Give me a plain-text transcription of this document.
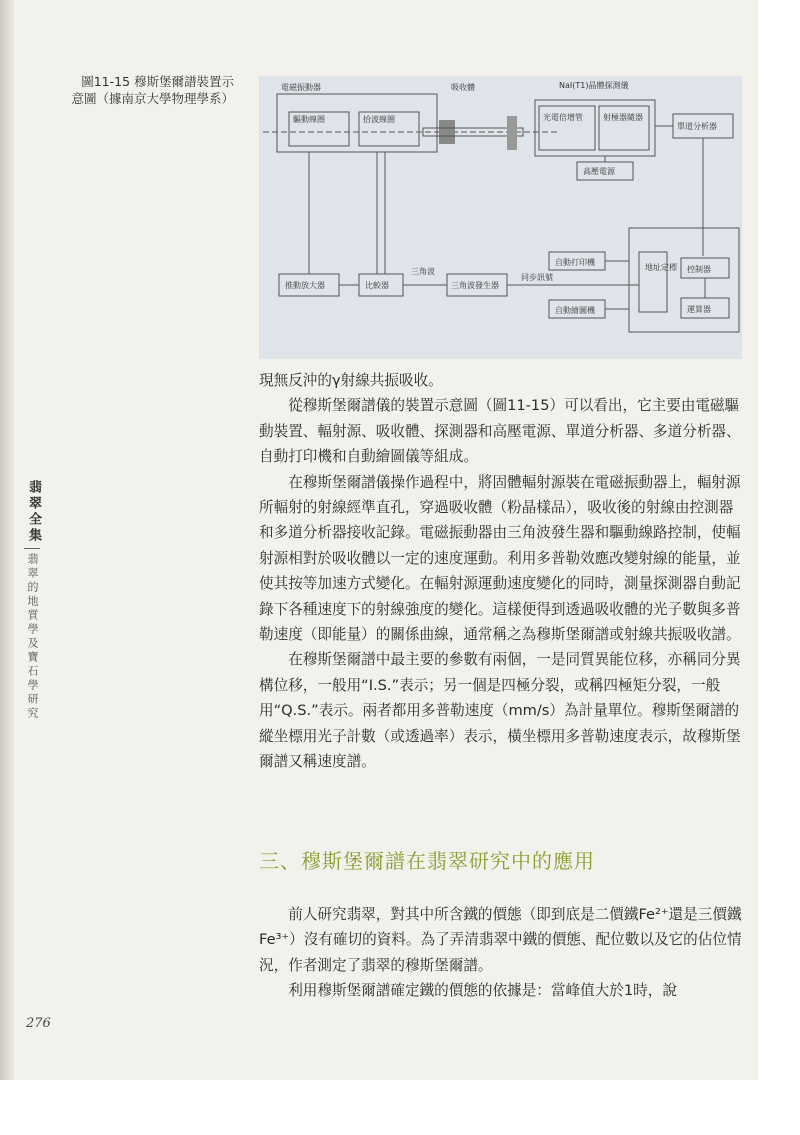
圖11-15 穆斯堡爾譜裝置示意圖（據南京大學物理學系）
電磁振動器
驅動線圈	拾波線圈
吸收體	NaI(T1)晶體探測儀
光電倍增管	射極器隨器
高壓電源
單道分析器
地址定標 控制器
運算器
自動打印機
自動繪圖機
推動放大器	比較器	三角波發生器
三角波
同步訊號

現無反沖的γ射線共振吸收。

從穆斯堡爾譜儀的裝置示意圖（圖11-15）可以看出，它主要由電磁驅動裝置、輻射源、吸收體、探測器和高壓電源、單道分析器、多道分析器、自動打印機和自動繪圖儀等組成。

在穆斯堡爾譜儀操作過程中，將固體輻射源裝在電磁振動器上，輻射源所輻射的射線經準直孔，穿過吸收體（粉晶樣品），吸收後的射線由控測器和多道分析器接收記錄。電磁振動器由三角波發生器和驅動線路控制，使輻射源相對於吸收體以一定的速度運動。利用多普勒效應改變射線的能量，並使其按等加速方式變化。在輻射源運動速度變化的同時，測量探測器自動記錄下各種速度下的射線強度的變化。這樣便得到透過吸收體的光子數與多普勒速度（即能量）的關係曲線，通常稱之為穆斯堡爾譜或射線共振吸收譜。

在穆斯堡爾譜中最主要的參數有兩個，一是同質異能位移，亦稱同分異構位移，一般用“I.S.”表示；另一個是四極分裂，或稱四極矩分裂，一般用“Q.S.”表示。兩者都用多普勒速度（mm/s）為計量單位。穆斯堡爾譜的縱坐標用光子計數（或透過率）表示，橫坐標用多普勒速度表示，故穆斯堡爾譜又稱速度譜。

三、穆斯堡爾譜在翡翠研究中的應用

前人研究翡翠，對其中所含鐵的價態（即到底是二價鐵Fe²⁺還是三價鐵Fe³⁺）沒有確切的資料。為了弄清翡翠中鐵的價態、配位數以及它的佔位情況，作者測定了翡翠的穆斯堡爾譜。

利用穆斯堡爾譜確定鐵的價態的依據是：當峰值大於1時，說

翡翠全集
翡翠的地質學及寶石學研究
276
